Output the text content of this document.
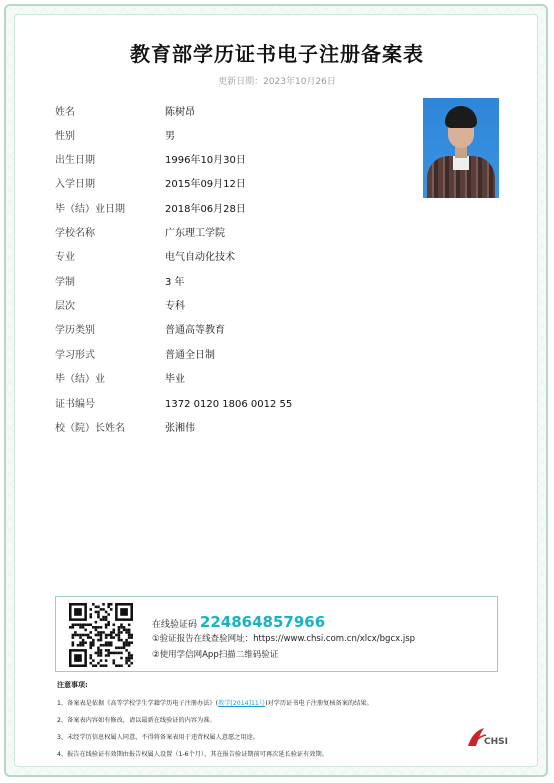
教育部学历证书电子注册备案表
更新日期：2023年10月26日
姓名	陈树昂
性别	男
出生日期	1996年10月30日
入学日期	2015年09月12日
毕（结）业日期	2018年06月28日
学校名称	广东理工学院
专业	电气自动化技术
学制	3 年
层次	专科
学历类别	普通高等教育
学习形式	普通全日制
毕（结）业	毕业
证书编号	1372 0120 1806 0012 55
校（院）长姓名	张湘伟
在线验证码 224864857966
①验证报告在线查验网址：https://www.chsi.com.cn/xlcx/bgcx.jsp
②使用学信网App扫描二维码验证
注意事项:
1、备案表是依据《高等学校学生学籍学历电子注册办法》(教学[2014]11号)对学历证书电子注册复核备案的结果。
2、备案表内容如有修改，请以最新在线验证的内容为准。
3、未经学历信息权属人同意，不得将备案表用于违背权属人意愿之用途。
4、报告在线验证有效期由报告权属人设置（1-6个月），其在报告验证期前可再次延长验证有效期。
CHSI
